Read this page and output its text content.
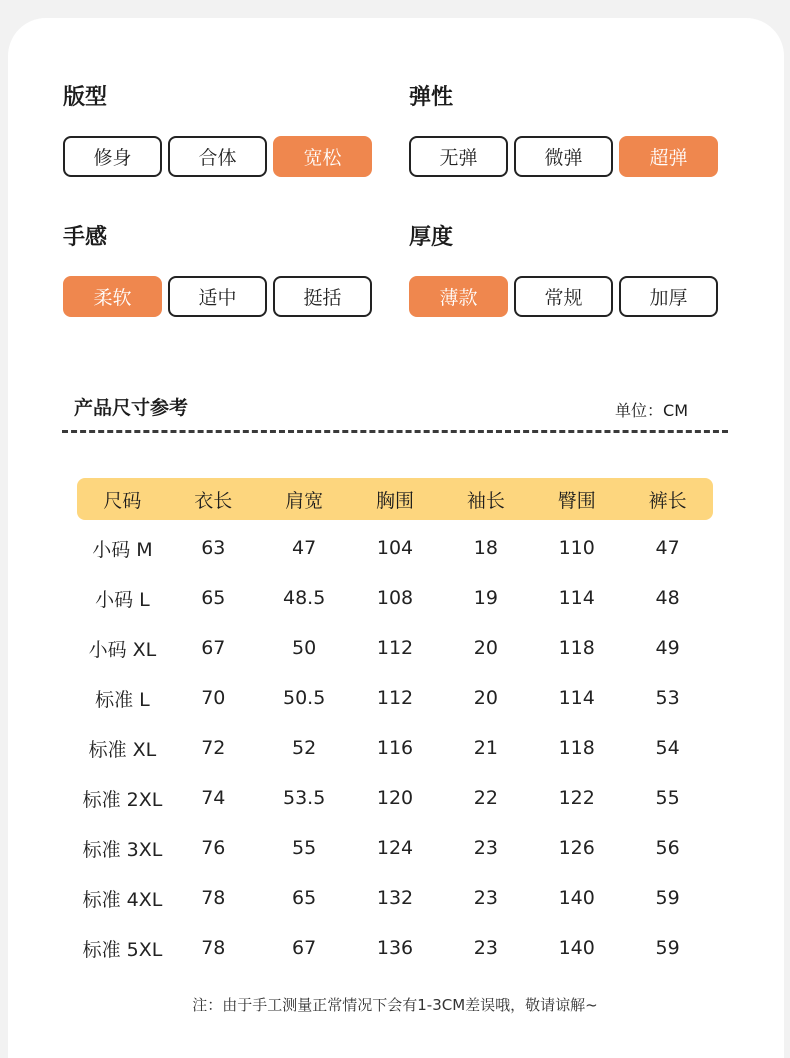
版型
修身	合体	宽松
弹性
无弹	微弹	超弹
手感
柔软	适中	挺括
厚度
薄款	常规	加厚
产品尺寸参考	单位：CM
尺码	衣长	肩宽	胸围	袖长	臀围	裤长
小码 M	63	47	104	18	110	47
小码 L	65	48.5	108	19	114	48
小码 XL	67	50	112	20	118	49
标准 L	70	50.5	112	20	114	53
标准 XL	72	52	116	21	118	54
标准 2XL	74	53.5	120	22	122	55
标准 3XL	76	55	124	23	126	56
标准 4XL	78	65	132	23	140	59
标准 5XL	78	67	136	23	140	59
注：由于手工测量正常情况下会有1-3CM差误哦，敬请谅解~
